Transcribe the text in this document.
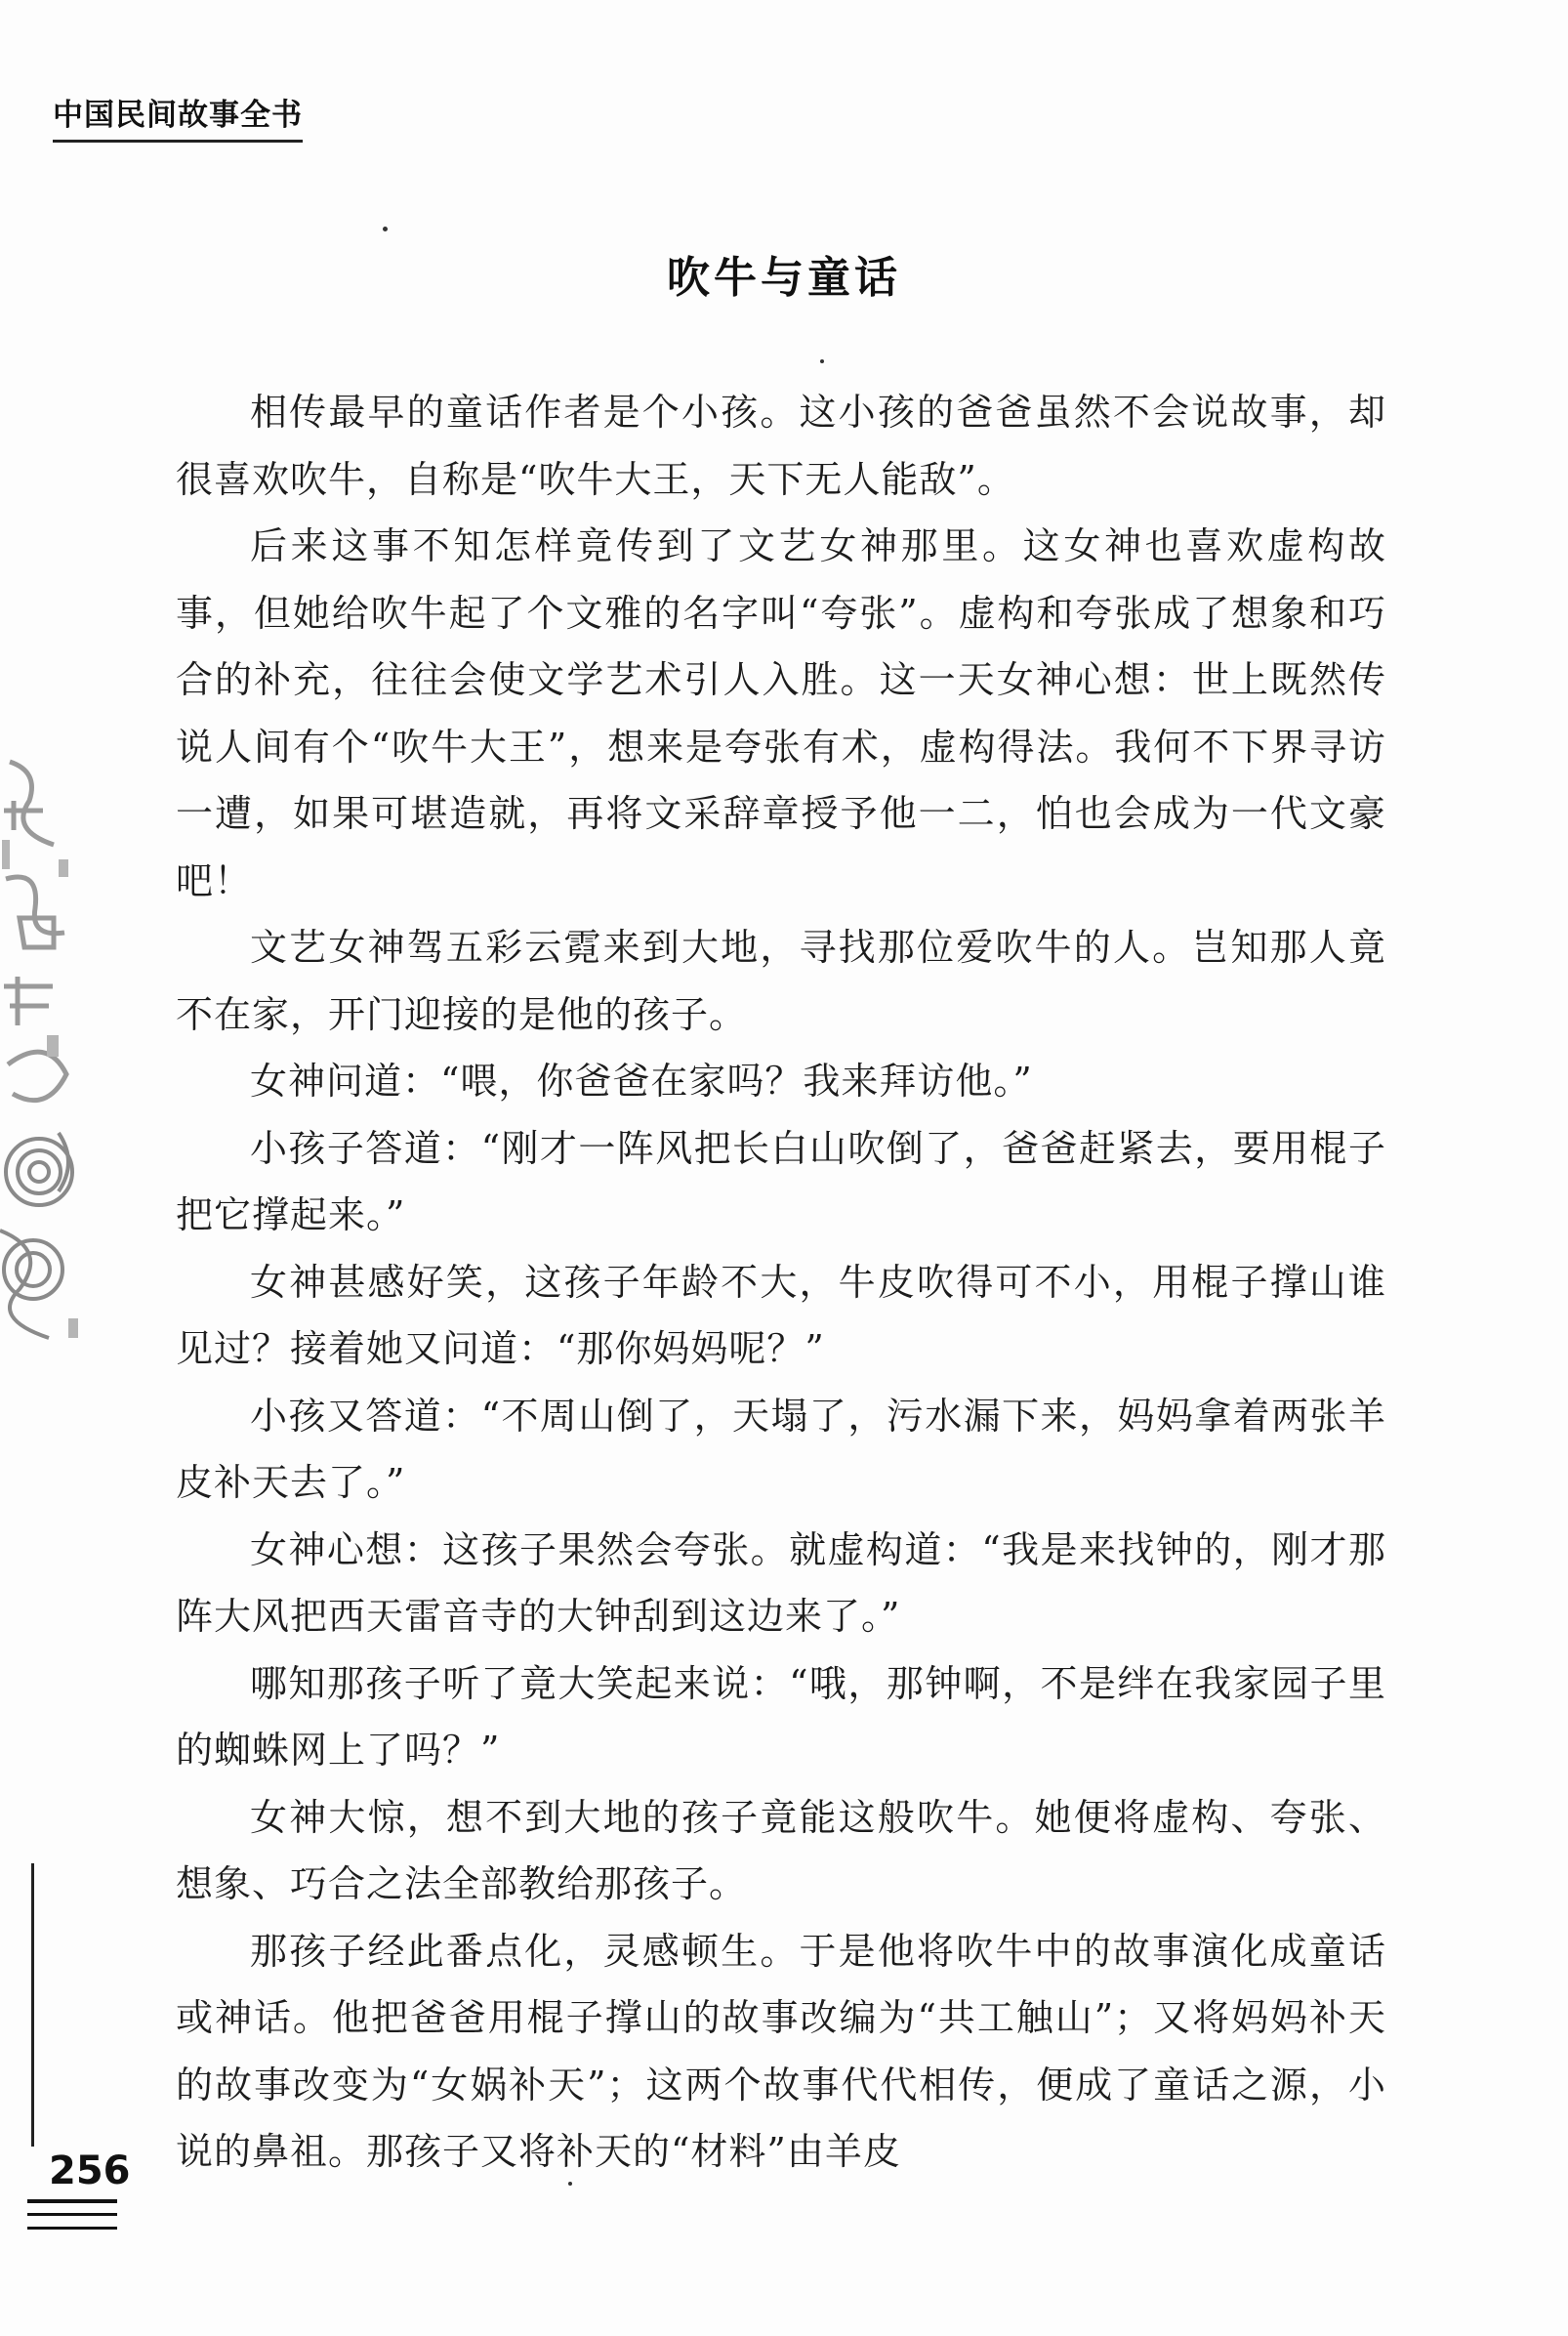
中国民间故事全书
吹牛与童话

相传最早的童话作者是个小孩。这小孩的爸爸虽然不会说故事，却很喜欢吹牛，自称是“吹牛大王，天下无人能敌”。

后来这事不知怎样竟传到了文艺女神那里。这女神也喜欢虚构故事，但她给吹牛起了个文雅的名字叫“夸张”。虚构和夸张成了想象和巧合的补充，往往会使文学艺术引人入胜。这一天女神心想：世上既然传说人间有个“吹牛大王”，想来是夸张有术，虚构得法。我何不下界寻访一遭，如果可堪造就，再将文采辞章授予他一二，怕也会成为一代文豪吧！

文艺女神驾五彩云霓来到大地，寻找那位爱吹牛的人。岂知那人竟不在家，开门迎接的是他的孩子。

女神问道：“喂，你爸爸在家吗？我来拜访他。”

小孩子答道：“刚才一阵风把长白山吹倒了，爸爸赶紧去，要用棍子把它撑起来。”

女神甚感好笑，这孩子年龄不大，牛皮吹得可不小，用棍子撑山谁见过？接着她又问道：“那你妈妈呢？”

小孩又答道：“不周山倒了，天塌了，污水漏下来，妈妈拿着两张羊皮补天去了。”

女神心想：这孩子果然会夸张。就虚构道：“我是来找钟的，刚才那阵大风把西天雷音寺的大钟刮到这边来了。”

哪知那孩子听了竟大笑起来说：“哦，那钟啊，不是绊在我家园子里的蜘蛛网上了吗？”

女神大惊，想不到大地的孩子竟能这般吹牛。她便将虚构、夸张、想象、巧合之法全部教给那孩子。

那孩子经此番点化，灵感顿生。于是他将吹牛中的故事演化成童话或神话。他把爸爸用棍子撑山的故事改编为“共工触山”；又将妈妈补天的故事改变为“女娲补天”；这两个故事代代相传，便成了童话之源，小说的鼻祖。那孩子又将补天的“材料”由羊皮

256
